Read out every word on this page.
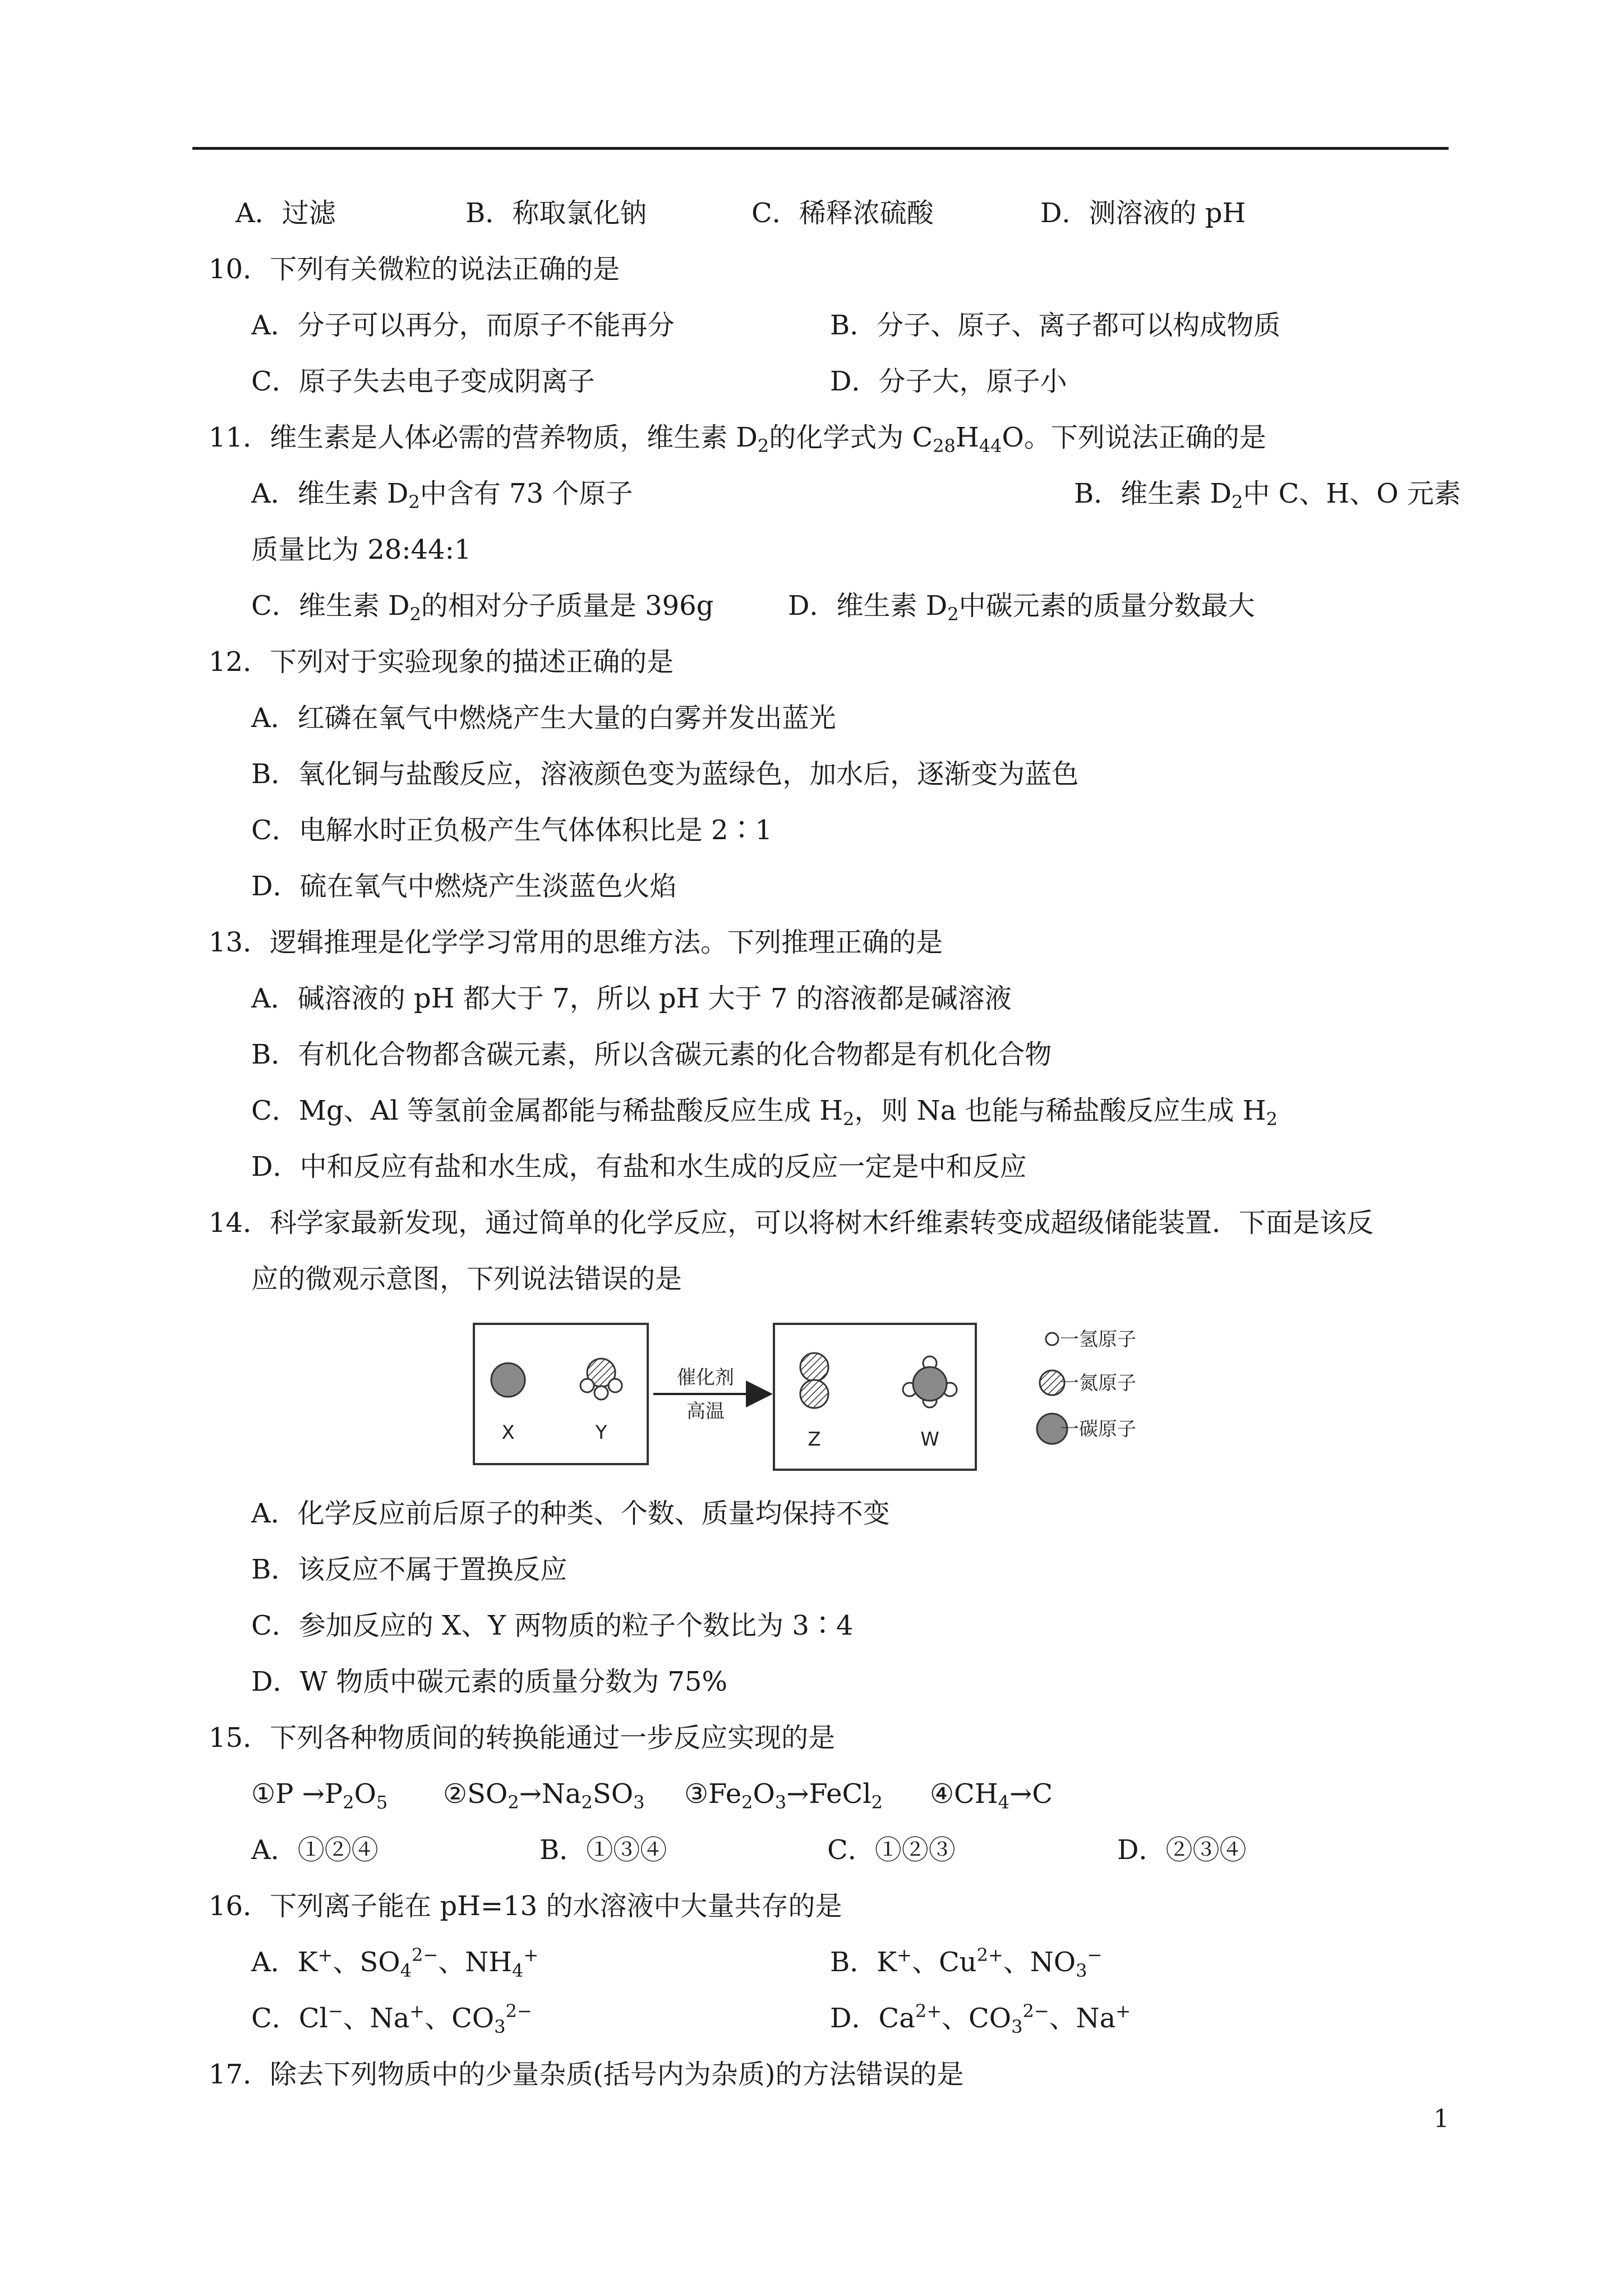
A．过滤	B．称取氯化钠	C．稀释浓硫酸	D．测溶液的 pH
10．下列有关微粒的说法正确的是
A．分子可以再分，而原子不能再分	B．分子、原子、离子都可以构成物质
C．原子失去电子变成阴离子	D．分子大，原子小
11．维生素是人体必需的营养物质，维生素 $D_2$的化学式为 $C_{28}H_{44}O$。下列说法正确的是
A．维生素 $D_2$中含有 73 个原子	B．维生素 $D_2$中 C、H、O 元素
质量比为 28:44:1
C．维生素 $D_2$的相对分子质量是 396g	D．维生素 $D_2$中碳元素的质量分数最大
12．下列对于实验现象的描述正确的是
A．红磷在氧气中燃烧产生大量的白雾并发出蓝光
B．氧化铜与盐酸反应，溶液颜色变为蓝绿色，加水后，逐渐变为蓝色
C．电解水时正负极产生气体体积比是 2∶1
D．硫在氧气中燃烧产生淡蓝色火焰
13．逻辑推理是化学学习常用的思维方法。下列推理正确的是
A．碱溶液的 pH 都大于 7，所以 pH 大于 7 的溶液都是碱溶液
B．有机化合物都含碳元素，所以含碳元素的化合物都是有机化合物
C．Mg、Al 等氢前金属都能与稀盐酸反应生成 $H_2$，则 Na 也能与稀盐酸反应生成 $H_2$
D．中和反应有盐和水生成，有盐和水生成的反应一定是中和反应
14．科学家最新发现，通过简单的化学反应，可以将树木纤维素转变成超级储能装置．下面是该反
应的微观示意图，下列说法错误的是
X	Y
催化剂
高温
Z	W
一氢原子
一氮原子
一碳原子
A．化学反应前后原子的种类、个数、质量均保持不变
B．该反应不属于置换反应
C．参加反应的 X、Y 两物质的粒子个数比为 3∶4
D．W 物质中碳元素的质量分数为 75%
15．下列各种物质间的转换能通过一步反应实现的是
①P $\to P_2O_5$ $②SO_2\to Na_2SO_3$ $③Fe_2O_3\to FeCl_2$ $④CH_4\to C$
A．①②④	B．①③④	C．①②③	D．②③④
16．下列离子能在 pH=13 的水溶液中大量共存的是
A．K+、$SO_4^{2-}$、$NH_4^+$	B．K+、$Cu^{2+}$、$NO_3^-$
C．Cl−、Na+、$CO_3^{2-}$	D．$Ca^{2+}$、$CO_3^{2-}$、Na+
17．除去下列物质中的少量杂质(括号内为杂质)的方法错误的是
1
